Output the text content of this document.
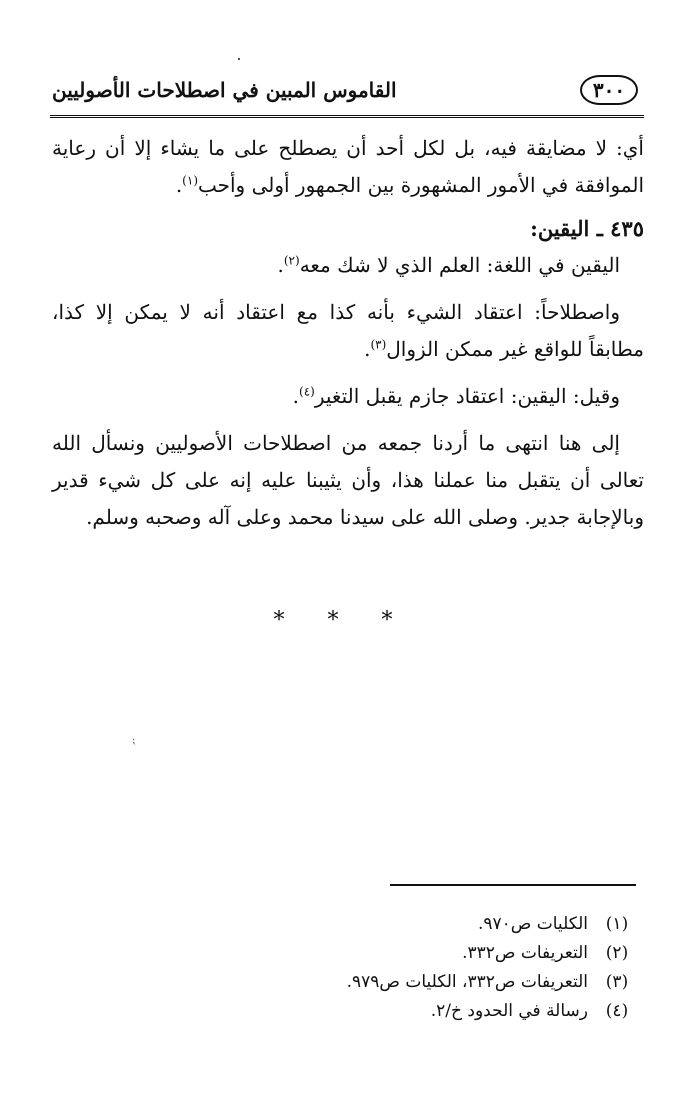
٣٠٠
القاموس المبين في اصطلاحات الأصوليين

أي: لا مضايقة فيه، بل لكل أحد أن يصطلح على ما يشاء إلا أن رعاية الموافقة في الأمور المشهورة بين الجمهور أولى وأحب$^{(١)}$.

٤٣٥ ـ اليقين:

اليقين في اللغة: العلم الذي لا شك معه$^{(٢)}$.

واصطلاحاً: اعتقاد الشيء بأنه كذا مع اعتقاد أنه لا يمكن إلا كذا، مطابقاً للواقع غير ممكن الزوال$^{(٣)}$.

وقيل: اليقين: اعتقاد جازم يقبل التغير$^{(٤)}$.

إلى هنا انتهى ما أردنا جمعه من اصطلاحات الأصوليين ونسأل الله تعالى أن يتقبل منا عملنا هذا، وأن يثيبنا عليه إنه على كل شيء قدير وبالإجابة جدير. وصلى الله على سيدنا محمد وعلى آله وصحبه وسلم.

* * *
⁏
(١)
الكليات ص٩٧٠.
(٢)
التعريفات ص٣٣٢.
(٣)
التعريفات ص٣٣٢، الكليات ص٩٧٩.
(٤)
رسالة في الحدود خ/٢.
